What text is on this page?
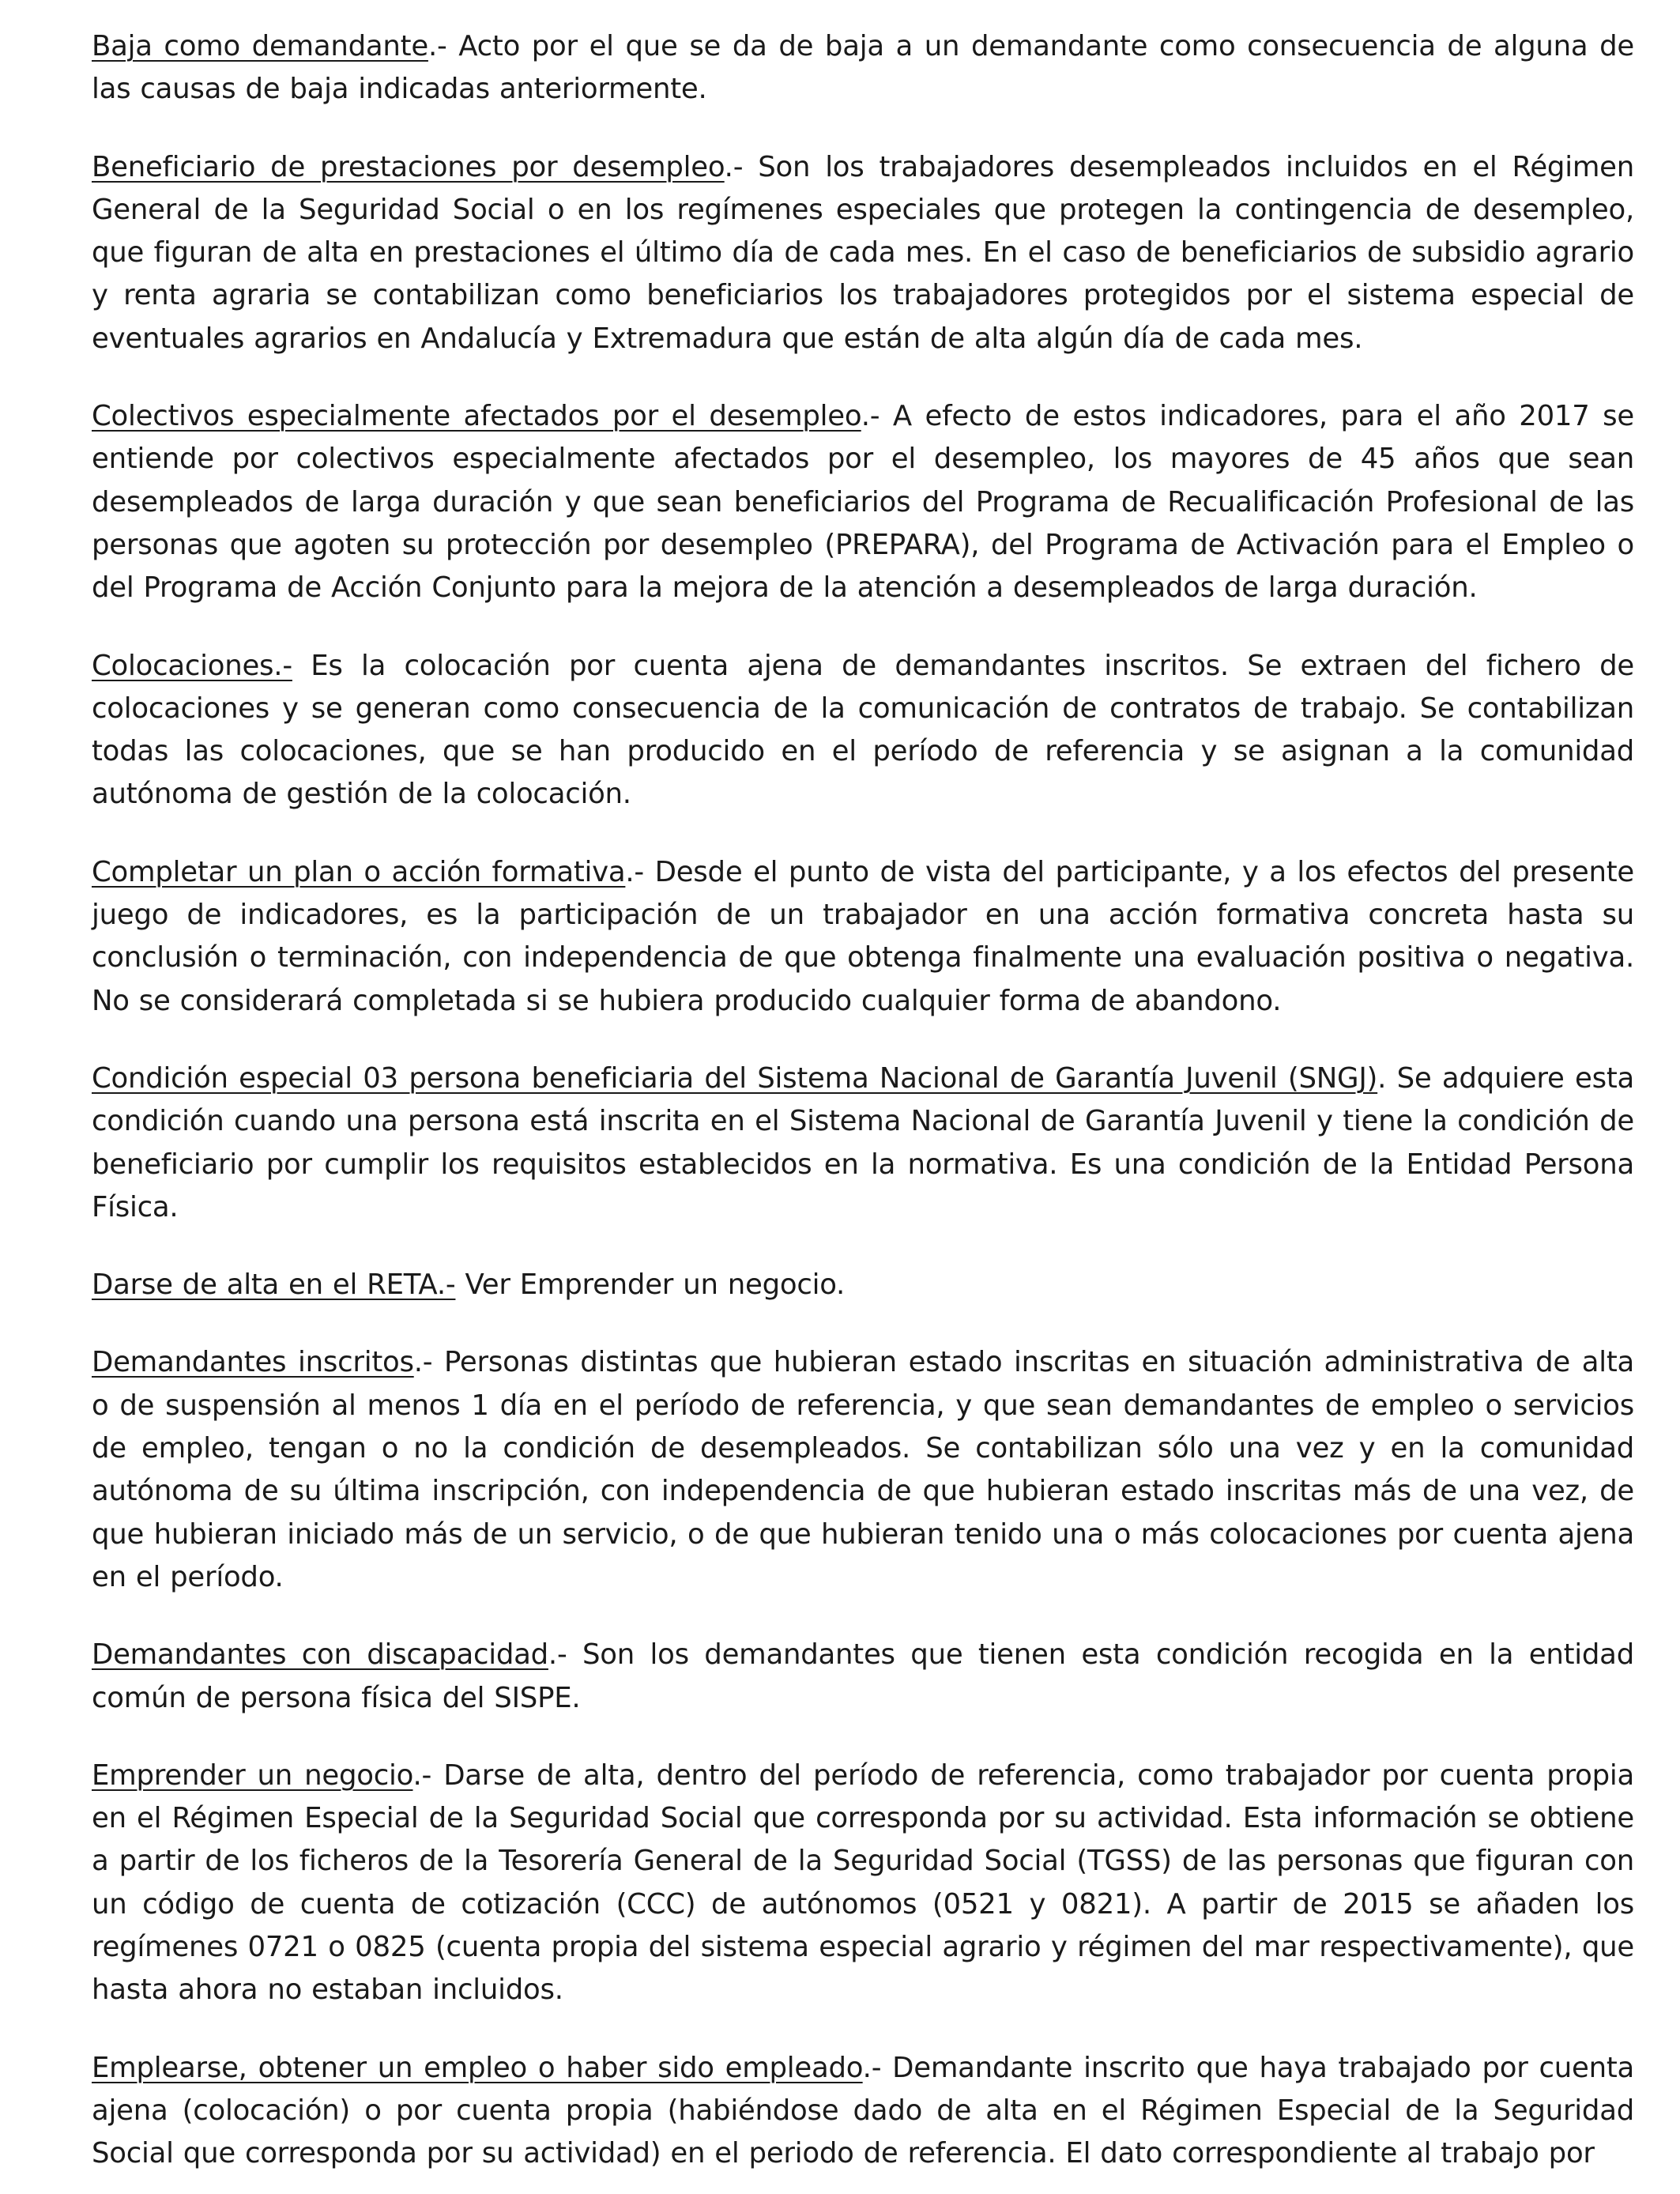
Baja como demandante.- Acto por el que se da de baja a un demandante como consecuencia de alguna de las causas de baja indicadas anteriormente.

Beneficiario de prestaciones por desempleo.- Son los trabajadores desempleados incluidos en el Régimen General de la Seguridad Social o en los regímenes especiales que protegen la contingencia de desempleo, que figuran de alta en prestaciones el último día de cada mes. En el caso de beneficiarios de subsidio agrario y renta agraria se contabilizan como beneficiarios los trabajadores protegidos por el sistema especial de eventuales agrarios en Andalucía y Extremadura que están de alta algún día de cada mes.

Colectivos especialmente afectados por el desempleo.- A efecto de estos indicadores, para el año 2017 se entiende por colectivos especialmente afectados por el desempleo, los mayores de 45 años que sean desempleados de larga duración y que sean beneficiarios del Programa de Recualificación Profesional de las personas que agoten su protección por desempleo (PREPARA), del Programa de Activación para el Empleo o del Programa de Acción Conjunto para la mejora de la atención a desempleados de larga duración.

Colocaciones.- Es la colocación por cuenta ajena de demandantes inscritos. Se extraen del fichero de colocaciones y se generan como consecuencia de la comunicación de contratos de trabajo. Se contabilizan todas las colocaciones, que se han producido en el período de referencia y se asignan a la comunidad autónoma de gestión de la colocación.

Completar un plan o acción formativa.- Desde el punto de vista del participante, y a los efectos del presente juego de indicadores, es la participación de un trabajador en una acción formativa concreta hasta su conclusión o terminación, con independencia de que obtenga finalmente una evaluación positiva o negativa. No se considerará completada si se hubiera producido cualquier forma de abandono.

Condición especial 03 persona beneficiaria del Sistema Nacional de Garantía Juvenil (SNGJ). Se adquiere esta condición cuando una persona está inscrita en el Sistema Nacional de Garantía Juvenil y tiene la condición de beneficiario por cumplir los requisitos establecidos en la normativa. Es una condición de la Entidad Persona Física.

Darse de alta en el RETA.- Ver Emprender un negocio.

Demandantes inscritos.- Personas distintas que hubieran estado inscritas en situación administrativa de alta o de suspensión al menos 1 día en el período de referencia, y que sean demandantes de empleo o servicios de empleo, tengan o no la condición de desempleados. Se contabilizan sólo una vez y en la comunidad autónoma de su última inscripción, con independencia de que hubieran estado inscritas más de una vez, de que hubieran iniciado más de un servicio, o de que hubieran tenido una o más colocaciones por cuenta ajena en el período.

Demandantes con discapacidad.- Son los demandantes que tienen esta condición recogida en la entidad común de persona física del SISPE.

Emprender un negocio.- Darse de alta, dentro del período de referencia, como trabajador por cuenta propia en el Régimen Especial de la Seguridad Social que corresponda por su actividad. Esta información se obtiene a partir de los ficheros de la Tesorería General de la Seguridad Social (TGSS) de las personas que figuran con un código de cuenta de cotización (CCC) de autónomos (0521 y 0821). A partir de 2015 se añaden los regímenes 0721 o 0825 (cuenta propia del sistema especial agrario y régimen del mar respectivamente), que hasta ahora no estaban incluidos.

Emplearse, obtener un empleo o haber sido empleado.- Demandante inscrito que haya trabajado por cuenta ajena (colocación) o por cuenta propia (habiéndose dado de alta en el Régimen Especial de la Seguridad Social que corresponda por su actividad) en el periodo de referencia. El dato correspondiente al trabajo por
